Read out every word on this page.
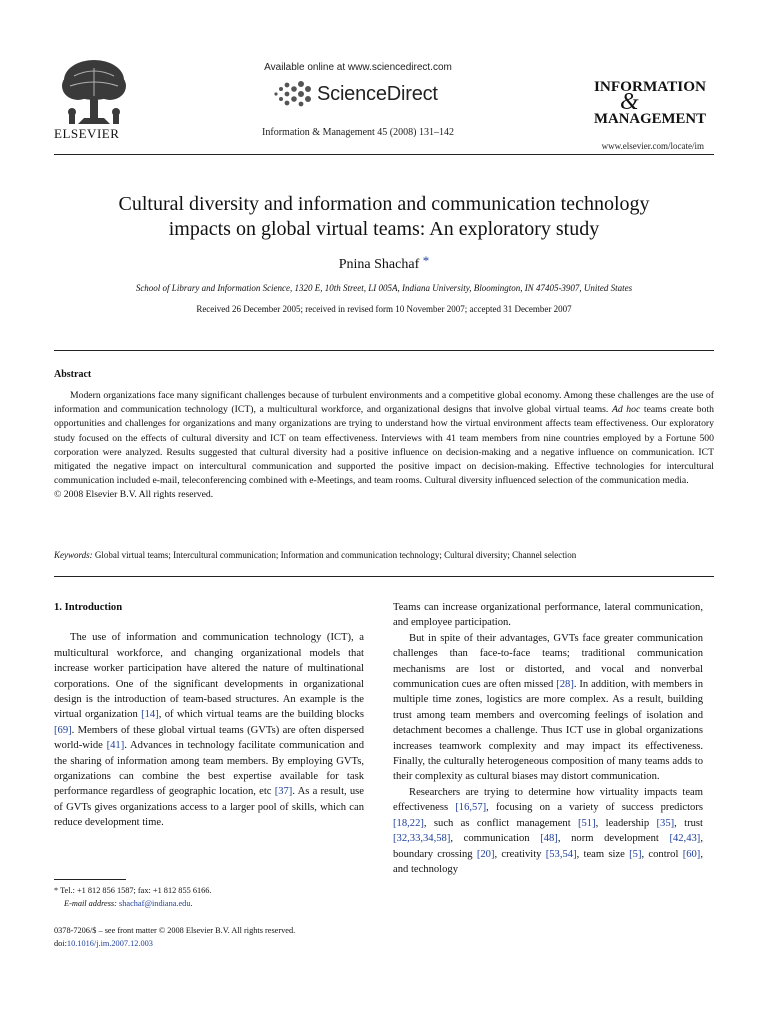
ELSEVIER
Available online at www.sciencedirect.com
ScienceDirect
Information & Management 45 (2008) 131–142
INFORMATION
&
MANAGEMENT
www.elsevier.com/locate/im
Cultural diversity and information and communication technology
impacts on global virtual teams: An exploratory study
Pnina Shachaf *
School of Library and Information Science, 1320 E, 10th Street, LI 005A, Indiana University, Bloomington, IN 47405-3907, United States
Received 26 December 2005; received in revised form 10 November 2007; accepted 31 December 2007
Abstract

Modern organizations face many significant challenges because of turbulent environments and a competitive global economy. Among these challenges are the use of information and communication technology (ICT), a multicultural workforce, and organizational designs that involve global virtual teams. Ad hoc teams create both opportunities and challenges for organizations and many organizations are trying to understand how the virtual environment affects team effectiveness. Our exploratory study focused on the effects of cultural diversity and ICT on team effectiveness. Interviews with 41 team members from nine countries employed by a Fortune 500 corporation were analyzed. Results suggested that cultural diversity had a positive influence on decision-making and a negative influence on communication. ICT mitigated the negative impact on intercultural communication and supported the positive impact on decision-making. Effective technologies for intercultural communication included e-mail, teleconferencing combined with e-Meetings, and team rooms. Cultural diversity influenced selection of the communication media.

© 2008 Elsevier B.V. All rights reserved.
Keywords: Global virtual teams; Intercultural communication; Information and communication technology; Cultural diversity; Channel selection
1. Introduction

The use of information and communication technology (ICT), a multicultural workforce, and changing organizational models that increase worker participation have altered the nature of multinational corporations. One of the significant developments in organizational design is the introduction of team-based structures. An example is the virtual organization [14], of which virtual teams are the building blocks [69]. Members of these global virtual teams (GVTs) are often dispersed world-wide [41]. Advances in technology facilitate communication and the sharing of information among team members. By employing GVTs, organizations can combine the best expertise available for task performance regardless of geographic location, etc [37]. As a result, use of GVTs gives organizations access to a larger pool of skills, which can reduce development time.

* Tel.: +1 812 856 1587; fax: +1 812 855 6166.
E-mail address: shachaf@indiana.edu.
0378-7206/$ – see front matter © 2008 Elsevier B.V. All rights reserved.
doi:10.1016/j.im.2007.12.003

Teams can increase organizational performance, lateral communication, and employee participation.

But in spite of their advantages, GVTs face greater communication challenges than face-to-face teams; traditional communication mechanisms are lost or distorted, and vocal and nonverbal communication cues are often missed [28]. In addition, with members in multiple time zones, logistics are more complex. As a result, building trust among team members and overcoming feelings of isolation and detachment becomes a challenge. Thus ICT use in global organizations increases teamwork complexity and may impact its effectiveness. Finally, the culturally heterogeneous composition of many teams adds to their complexity as cultural biases may distort communication.

Researchers are trying to determine how virtuality impacts team effectiveness [16,57], focusing on a variety of success predictors [18,22], such as conflict management [51], leadership [35], trust [32,33,34,58], communication [48], norm development [42,43], boundary crossing [20], creativity [53,54], team size [5], control [60], and technology
